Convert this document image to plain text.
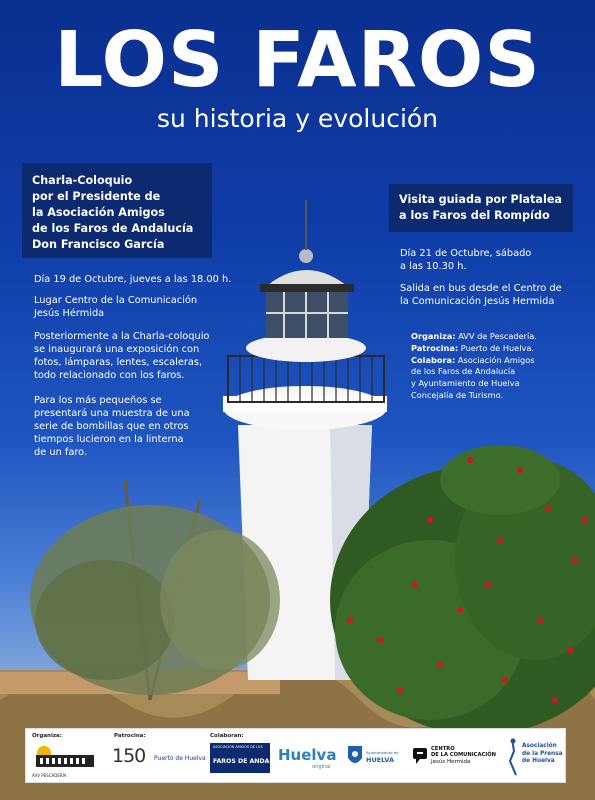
LOS FAROS
su historia y evolución
Charla-Coloquio
por el Presidente de
la Asociación Amigos
de los Faros de Andalucía
Don Francisco García
Día 19 de Octubre, jueves a las 18.00 h.
Lugar Centro de la Comunicación
Jesús Hérmida
Posteriormente a la Charla-coloquio
se inaugurará una exposición con
fotos, lámparas, lentes, escaleras,
todo relacionado con los faros.
Para los más pequeños se
presentará una muestra de una
serie de bombillas que en otros
tiempos lucieron en la linterna
de un faro.
Visita guiada por Platalea
a los Faros del Rompído
Día 21 de Octubre, sábado
a las 10.30 h.
Salida en bus desde el Centro de
la Comunicación Jesús Hermida
Organiza: AVV de Pescadería.
Patrocina: Puerto de Huelva.
Colabora: Asociación Amigos
de los Faros de Andalucía
y Ayuntamiento de Huelva
Concejalía de Turismo.
Organiza:	Patrocina:	Colaboran:
AVV PESCADERÍA
150 Puerto de Huelva
ASOCIACIÓN AMIGOS DE LOS
FAROS DE ANDALUCÍA
Huelva
original
Ayuntamiento de
HUELVA
CENTRO
DE LA COMUNICACIÓN
Jesús Hermida
Asociación
de la Prensa
de Huelva
